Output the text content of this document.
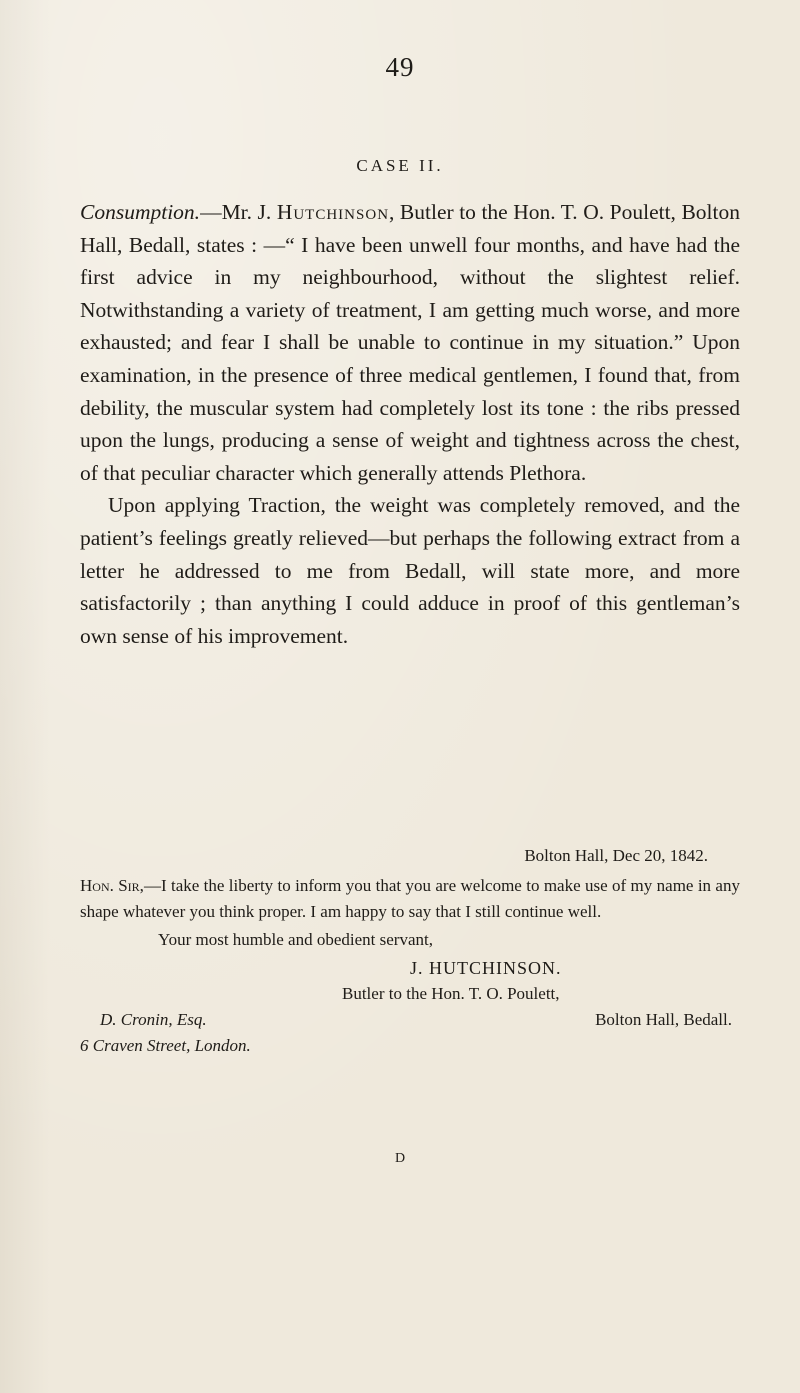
49
CASE II.

Consumption.—Mr. J. Hutchinson, Butler to the Hon. T. O. Poulett, Bolton Hall, Bedall, states : —“ I have been unwell four months, and have had the first advice in my neighbourhood, without the slightest relief. Notwithstanding a variety of treatment, I am getting much worse, and more exhausted; and fear I shall be unable to continue in my situation.” Upon examination, in the presence of three medical gentlemen, I found that, from debility, the muscular system had completely lost its tone : the ribs pressed upon the lungs, producing a sense of weight and tightness across the chest, of that peculiar character which generally attends Plethora.

Upon applying Traction, the weight was completely removed, and the patient’s feelings greatly relieved—but perhaps the following extract from a letter he addressed to me from Bedall, will state more, and more satisfactorily ; than anything I could adduce in proof of this gentleman’s own sense of his improvement.

Bolton Hall, Dec 20, 1842.
Hon. Sir,—I take the liberty to inform you that you are welcome to make use of my name in any shape whatever you think proper. I am happy to say that I still continue well.
Your most humble and obedient servant,
J. HUTCHINSON.
Butler to the Hon. T. O. Poulett,
D. Cronin, Esq.	Bolton Hall, Bedall.
6 Craven Street, London.
D
